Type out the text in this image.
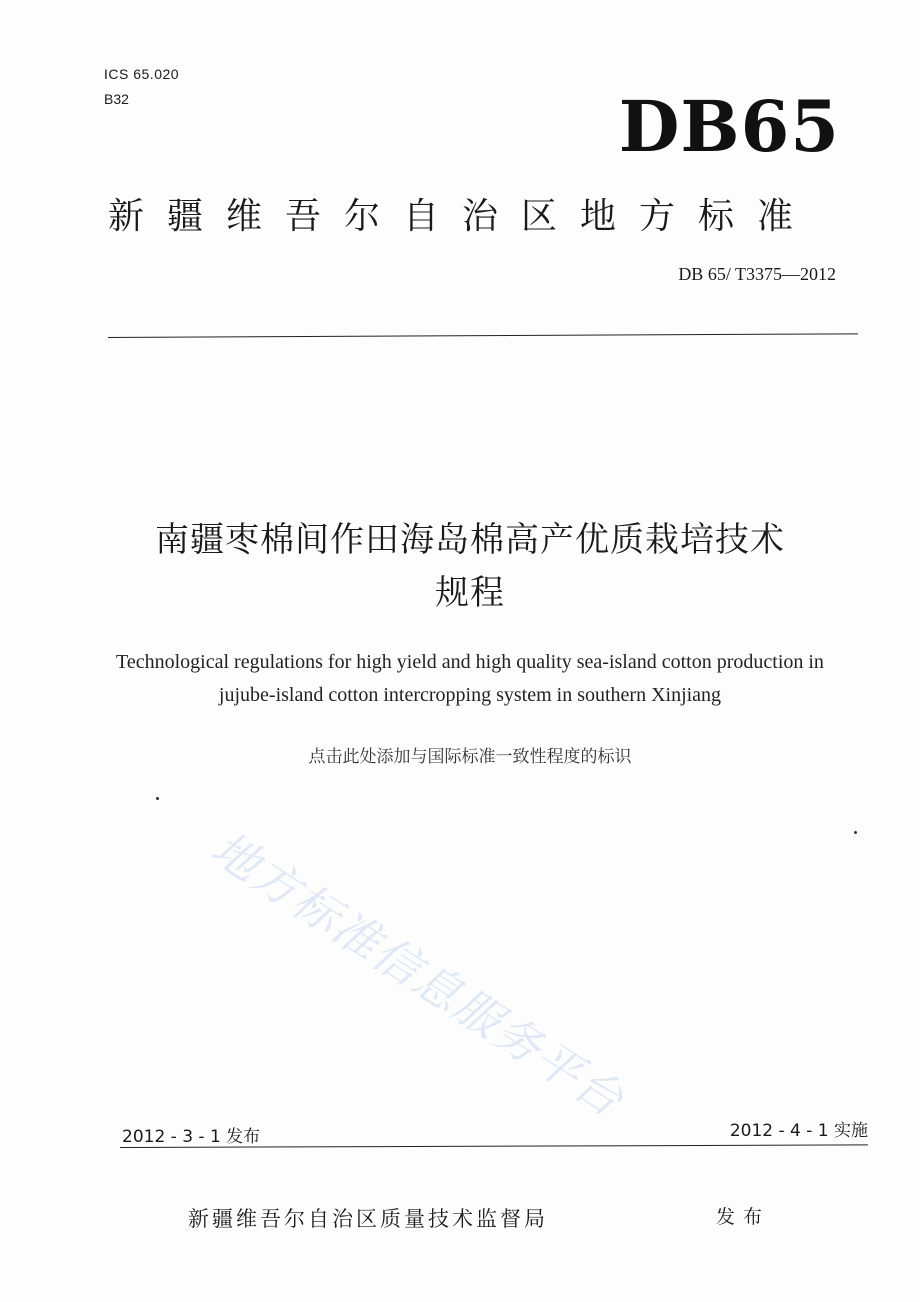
ICS 65.020
B32	DB65
新疆维吾尔自治区地方标准
DB 65/ T3375—2012
南疆枣棉间作田海岛棉高产优质栽培技术
规程
Technological regulations for high yield and high quality sea-island cotton production in jujube-island cotton intercropping system in southern Xinjiang
点击此处添加与国际标准一致性程度的标识
地方标准信息服务平台
2012 - 3 - 1 发布	2012 - 4 - 1 实施
新疆维吾尔自治区质量技术监督局	发布
